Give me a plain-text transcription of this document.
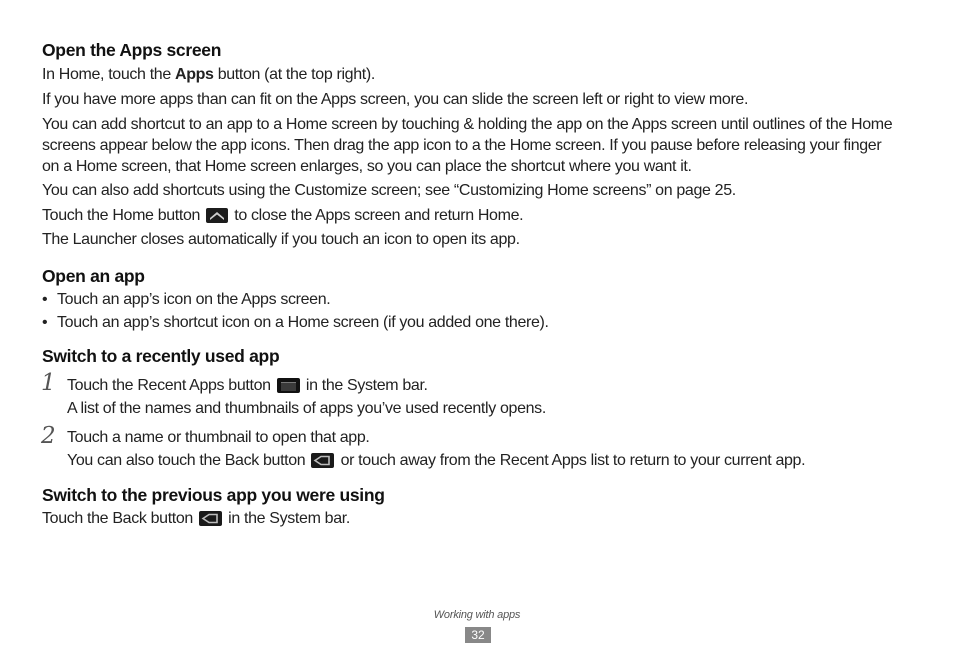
Open the Apps screen

In Home, touch the Apps button (at the top right).

If you have more apps than can fit on the Apps screen, you can slide the screen left or right to view more.

You can add shortcut to an app to a Home screen by touching & holding the app on the Apps screen until outlines of the Home screens appear below the app icons. Then drag the app icon to a the Home screen. If you pause before releasing your finger on a Home screen, that Home screen enlarges, so you can place the shortcut where you want it.

You can also add shortcuts using the Customize screen; see “Customizing Home screens” on page 25.

Touch the Home button
to close the Apps screen and return Home.

The Launcher closes automatically if you touch an icon to open its app.

Open an app

• Touch an app’s icon on the Apps screen.

• Touch an app’s shortcut icon on a Home screen (if you added one there).

Switch to a recently used app
1 Touch the Recent Apps button
in the System bar.

A list of the names and thumbnails of apps you’ve used recently opens.

2 Touch a name or thumbnail to open that app.

You can also touch the Back button
or touch away from the Recent Apps list to return to your current app.

Switch to the previous app you were using

Touch the Back button
in the System bar.

Working with apps
32
